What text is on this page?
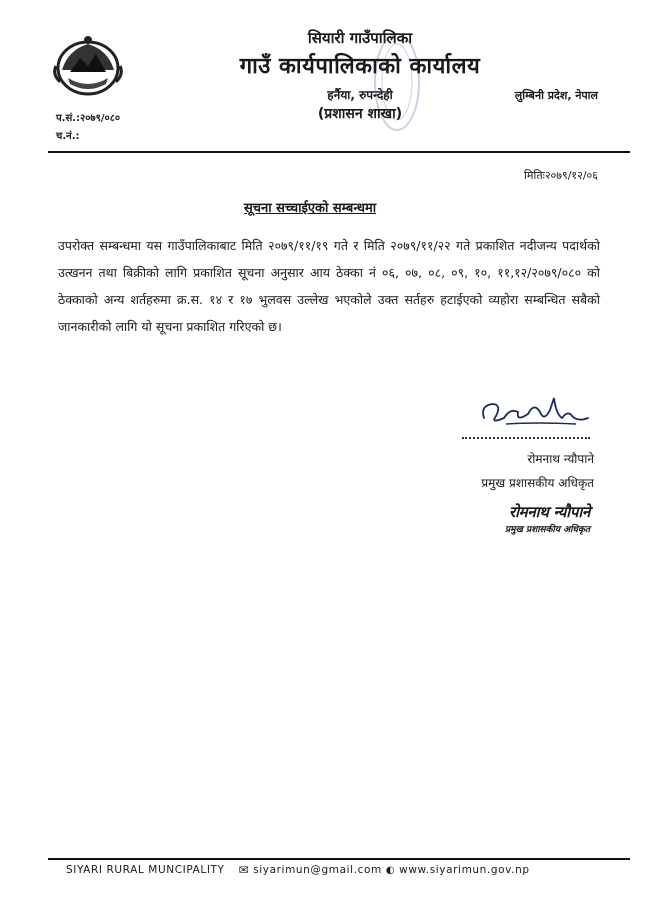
सियारी गाउँपालिका
गाउँ कार्यपालिकाको कार्यालय
हर्नैया, रुपन्देही
(प्रशासन शाखा)
लुम्बिनी प्रदेश, नेपाल
प.सं.:२०७९/०८०
च.नं.:
मितिः२०७९/१२/०६
सूचना सच्चाईएको सम्बन्धमा

उपरोक्त सम्बन्धमा यस गाउँपालिकाबाट मिति २०७९/११/१९ गते र मिति २०७९/११/२२ गते प्रकाशित नदीजन्य पदार्थको उत्खनन तथा बिक्रीको लागि प्रकाशित सूचना अनुसार आय ठेक्का नं ०६, ०७, ०८, ०९, १०, ११,१२/२०७९/०८० को ठेक्काको अन्य शर्तहरुमा क्र.स. १४ र १७ भुलवस उल्लेख भएकोले उक्त सर्तहरु हटाईएको व्यहोरा सम्बन्धित सबैको जानकारीको लागि यो सूचना प्रकाशित गरिएको छ।

रोमनाथ न्यौपाने
प्रमुख प्रशासकीय अधिकृत
रोमनाथ न्यौपाने
प्रमुख प्रशासकीय अधिकृत
SIYARI RURAL MUNCIPALITY ✉ siyarimun@gmail.com ◐ www.siyarimun.gov.np
